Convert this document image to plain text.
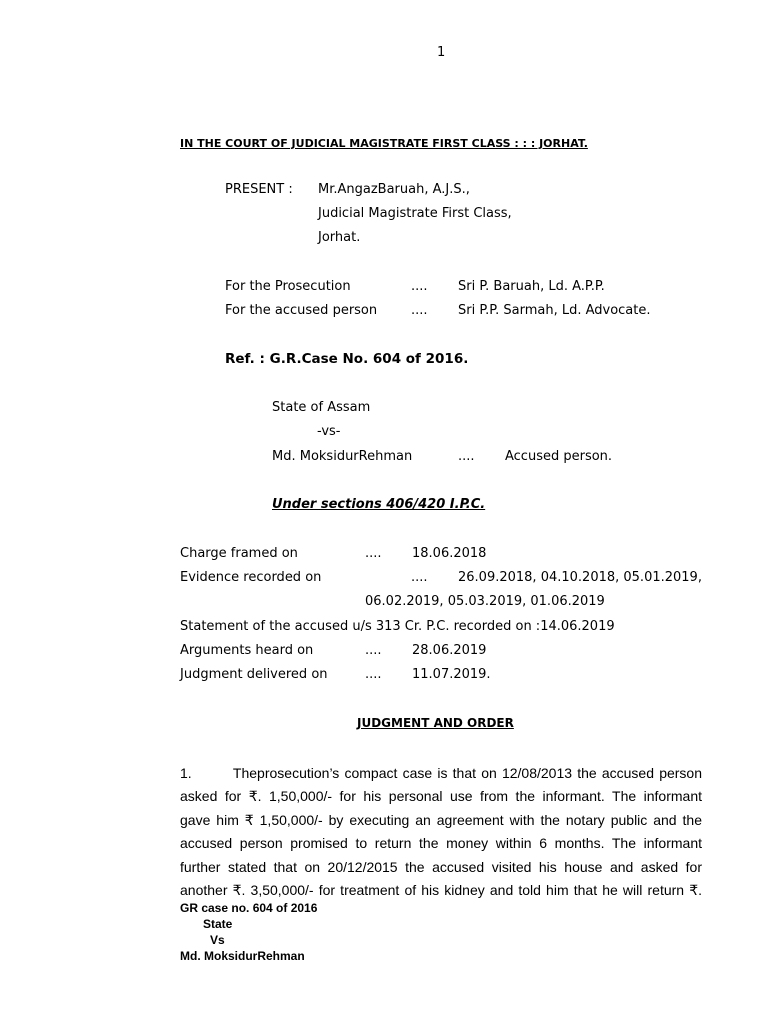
1
IN THE COURT OF JUDICIAL MAGISTRATE FIRST CLASS : : : JORHAT.
PRESENT : Mr.AngazBaruah, A.J.S.,
Judicial Magistrate First Class,
Jorhat.
For the Prosecution	.... Sri P. Baruah, Ld. A.P.P.
For the accused person	.... Sri P.P. Sarmah, Ld. Advocate.
Ref. : G.R.Case No. 604 of 2016.
State of Assam
-vs-
Md. MoksidurRehman	.... Accused person.
Under sections 406/420 I.P.C.
Charge framed on	.... 18.06.2018
Evidence recorded on	.... 26.09.2018, 04.10.2018, 05.01.2019,
06.02.2019, 05.03.2019, 01.06.2019
Statement of the accused u/s 313 Cr. P.C. recorded on :14.06.2019
Arguments heard on	.... 28.06.2019
Judgment delivered on	.... 11.07.2019.
JUDGMENT AND ORDER
1.        Theprosecution’s compact case is that on 12/08/2013 the accused person
asked for ₹. 1,50,000/- for his personal use from the informant. The informant
gave him ₹ 1,50,000/- by executing an agreement with the notary public and the
accused person promised to return the money within 6 months. The informant
further stated that on 20/12/2015 the accused visited his house and asked for
another ₹. 3,50,000/- for treatment of his kidney and told him that he will return ₹.
GR case no. 604 of 2016
State
Vs
Md. MoksidurRehman
